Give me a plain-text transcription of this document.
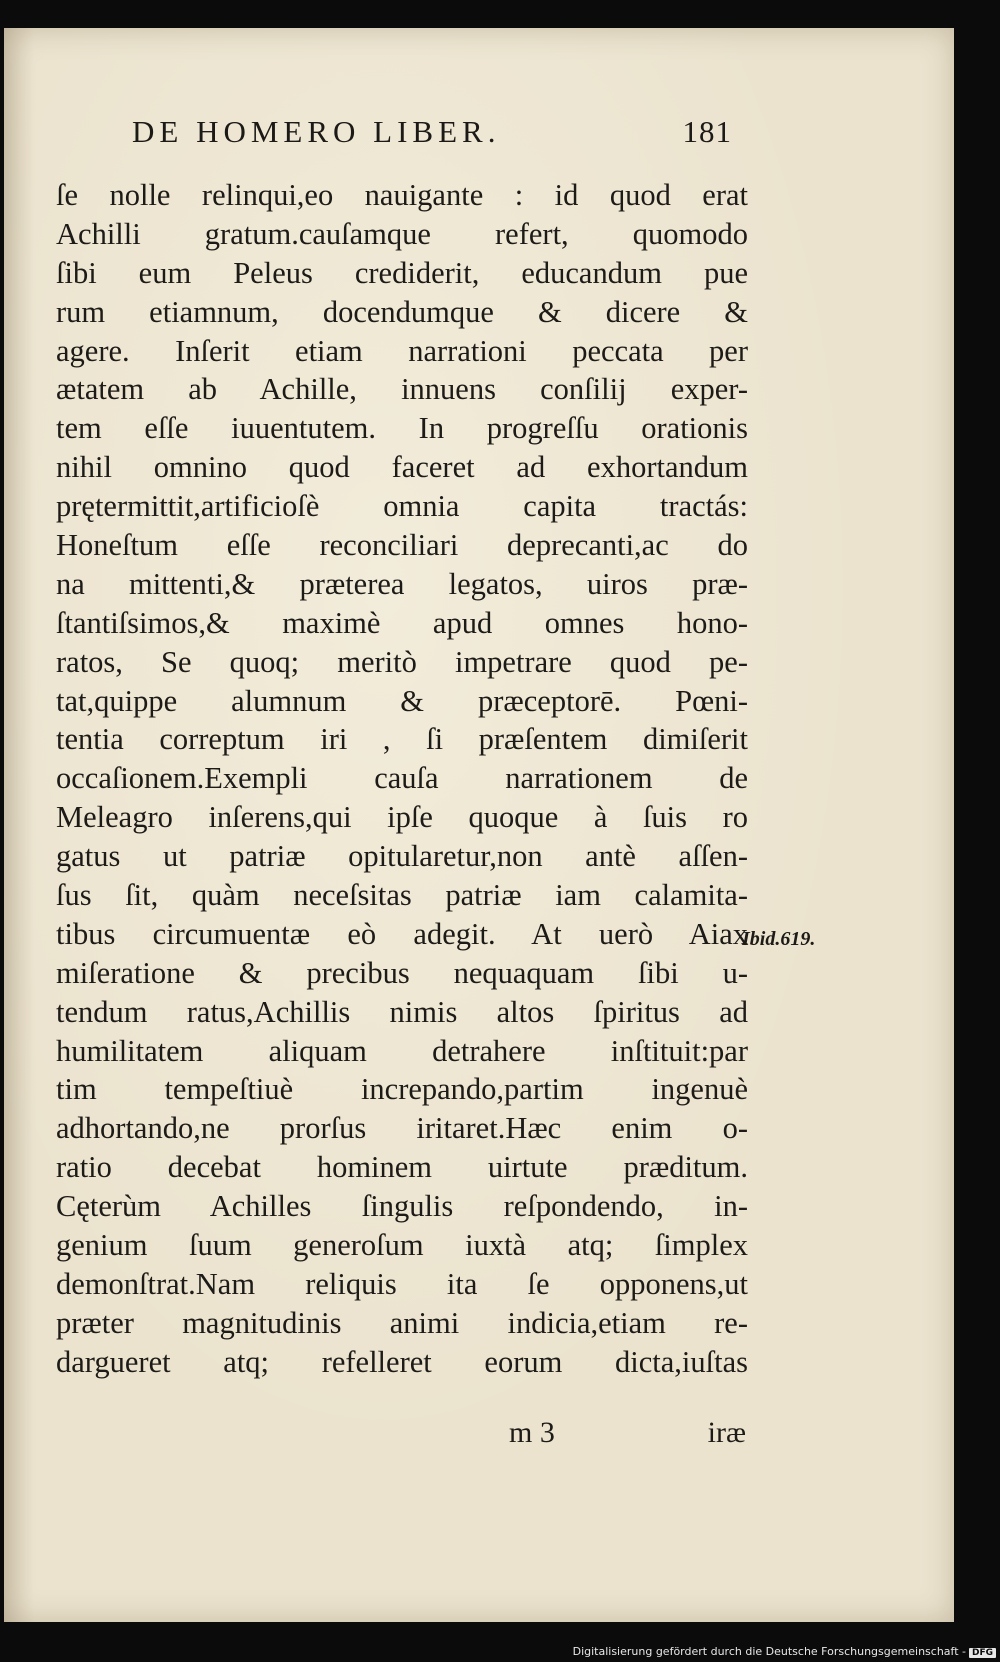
DE HOMERO LIBER.	181
ſe nolle relinqui,eo nauigante : id quod erat
Achilli gratum.cauſamque refert, quomodo
ſibi eum Peleus crediderit, educandum pue
rum etiamnum, docendumque & dicere &
agere. Inſerit etiam narrationi peccata per
ætatem ab Achille, innuens conſilij exper-
tem eſſe iuuentutem. In progreſſu orationis
nihil omnino quod faceret ad exhortandum
prętermittit,artificioſè omnia capita tractás:
Honeſtum eſſe reconciliari deprecanti,ac do
na mittenti,& præterea legatos, uiros præ-
ſtantiſsimos,& maximè apud omnes hono-
ratos, Se quoq; meritò impetrare quod pe-
tat,quippe alumnum & præceptorē. Pœni-
tentia correptum iri , ſi præſentem dimiſerit
occaſionem.Exempli cauſa narrationem de
Meleagro inſerens,qui ipſe quoque à ſuis ro
gatus ut patriæ opitularetur,non antè aſſen-
ſus ſit, quàm neceſsitas patriæ iam calamita-
tibus circumuentæ eò adegit. At uerò Aiax
miſeratione & precibus nequaquam ſibi u-
tendum ratus,Achillis nimis altos ſpiritus ad
humilitatem aliquam detrahere inſtituit:par
tim tempeſtiuè increpando,partim ingenuè
adhortando,ne prorſus iritaret.Hæc enim o-
ratio decebat hominem uirtute præditum.
Cęterùm Achilles ſingulis reſpondendo, in-
genium ſuum generoſum iuxtà atq; ſimplex
demonſtrat.Nam reliquis ita ſe opponens,ut
præter magnitudinis animi indicia,etiam re-
dargueret atq; refelleret eorum dicta,iuſtas
Ibid.619.
m 3	iræ
Digitalisierung gefördert durch die Deutsche Forschungsgemeinschaft - DFG
